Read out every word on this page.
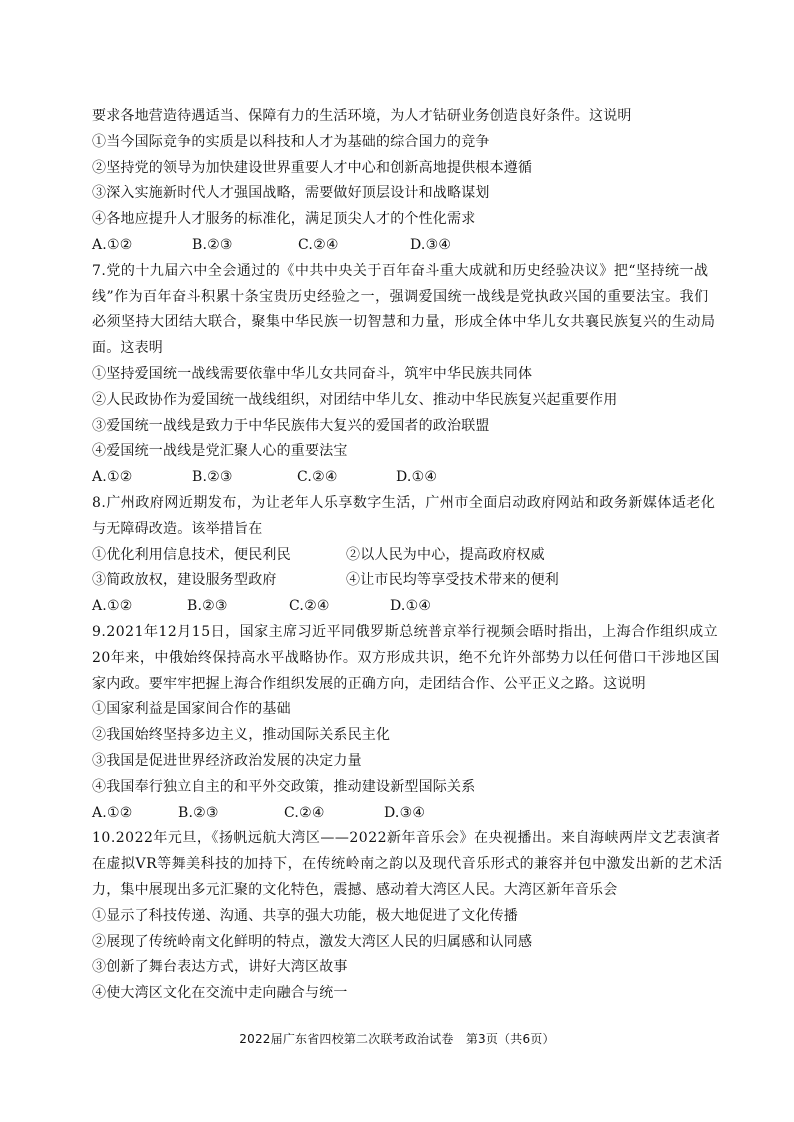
要求各地营造待遇适当、保障有力的生活环境，为人才钻研业务创造良好条件。这说明
①当今国际竞争的实质是以科技和人才为基础的综合国力的竞争
②坚持党的领导为加快建设世界重要人才中心和创新高地提供根本遵循
③深入实施新时代人才强国战略，需要做好顶层设计和战略谋划
④各地应提升人才服务的标准化，满足顶尖人才的个性化需求
A.①②	B.②③	C.②④	D.③④
7.党的十九届六中全会通过的《中共中央关于百年奋斗重大成就和历史经验决议》把“坚持统一战
线”作为百年奋斗积累十条宝贵历史经验之一，强调爱国统一战线是党执政兴国的重要法宝。我们
必须坚持大团结大联合，聚集中华民族一切智慧和力量，形成全体中华儿女共襄民族复兴的生动局
面。这表明
①坚持爱国统一战线需要依靠中华儿女共同奋斗，筑牢中华民族共同体
②人民政协作为爱国统一战线组织，对团结中华儿女、推动中华民族复兴起重要作用
③爱国统一战线是致力于中华民族伟大复兴的爱国者的政治联盟
④爱国统一战线是党汇聚人心的重要法宝
A.①②	B.②③	C.②④	D.①④
8.广州政府网近期发布，为让老年人乐享数字生活，广州市全面启动政府网站和政务新媒体适老化
与无障碍改造。该举措旨在
①优化利用信息技术，便民利民	②以人民为中心，提高政府权威
③简政放权，建设服务型政府	④让市民均等享受技术带来的便利
A.①②	B.②③	C.②④	D.①④
9.2021年12月15日，国家主席习近平同俄罗斯总统普京举行视频会晤时指出，上海合作组织成立
20年来，中俄始终保持高水平战略协作。双方形成共识，绝不允许外部势力以任何借口干涉地区国
家内政。要牢牢把握上海合作组织发展的正确方向，走团结合作、公平正义之路。这说明
①国家利益是国家间合作的基础
②我国始终坚持多边主义，推动国际关系民主化
③我国是促进世界经济政治发展的决定力量
④我国奉行独立自主的和平外交政策，推动建设新型国际关系
A.①②	B.②③	C.②④	D.③④
10.2022年元旦，《扬帆远航大湾区——2022新年音乐会》在央视播出。来自海峡两岸文艺表演者
在虚拟VR等舞美科技的加持下，在传统岭南之韵以及现代音乐形式的兼容并包中激发出新的艺术活
力，集中展现出多元汇聚的文化特色，震撼、感动着大湾区人民。大湾区新年音乐会
①显示了科技传递、沟通、共享的强大功能，极大地促进了文化传播
②展现了传统岭南文化鲜明的特点，激发大湾区人民的归属感和认同感
③创新了舞台表达方式，讲好大湾区故事
④使大湾区文化在交流中走向融合与统一
2022届广东省四校第二次联考政治试卷　第3页（共6页）
